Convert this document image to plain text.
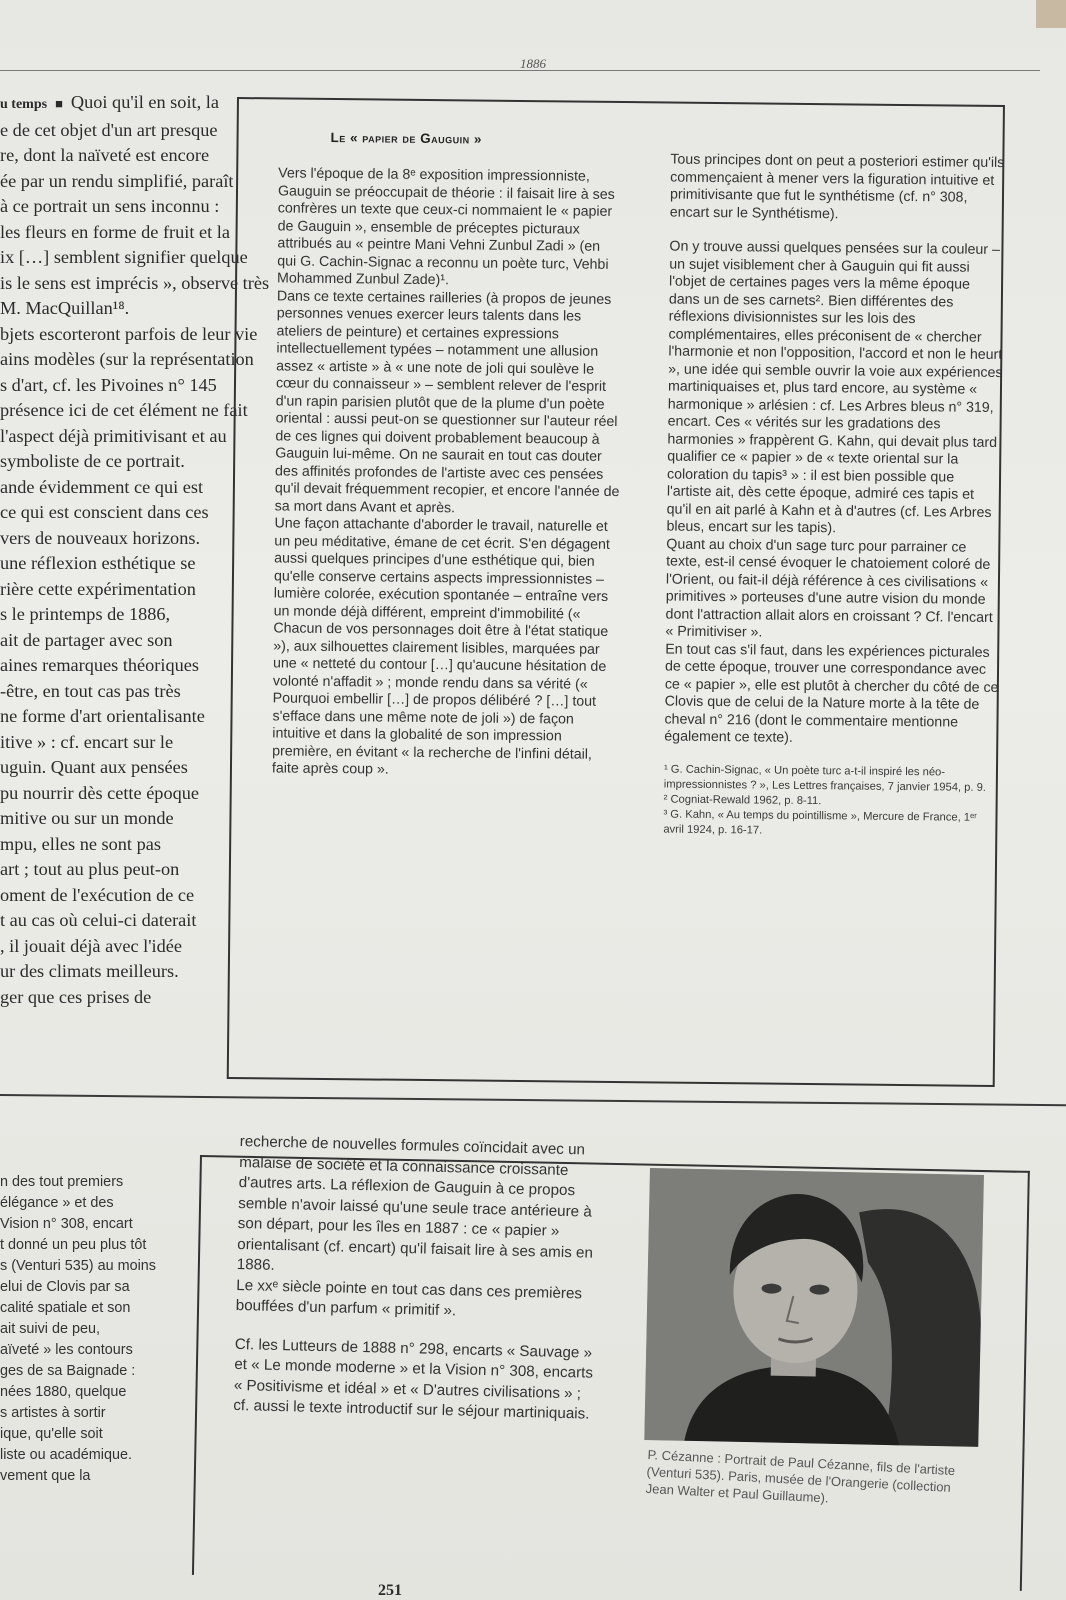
1886
u temps ■ Quoi qu'il en soit, la
e de cet objet d'un art presque
re, dont la naïveté est encore
ée par un rendu simplifié, paraît
à ce portrait un sens inconnu :
les fleurs en forme de fruit et la
ix […] semblent signifier quelque
is le sens est imprécis », observe très
M. MacQuillan¹⁸.
bjets escorteront parfois de leur vie
ains modèles (sur la représentation
s d'art, cf. les Pivoines n° 145
présence ici de cet élément ne fait
l'aspect déjà primitivisant et au
symboliste de ce portrait.
ande évidemment ce qui est
ce qui est conscient dans ces
vers de nouveaux horizons.
une réflexion esthétique se
rière cette expérimentation
s le printemps de 1886,
ait de partager avec son
aines remarques théoriques
-être, en tout cas pas très
ne forme d'art orientalisante
itive » : cf. encart sur le
uguin. Quant aux pensées
pu nourrir dès cette époque
mitive ou sur un monde
mpu, elles ne sont pas
art ; tout au plus peut-on
oment de l'exécution de ce
t au cas où celui-ci daterait
, il jouait déjà avec l'idée
ur des climats meilleurs.
ger que ces prises de
Le « papier de Gauguin »

Vers l'époque de la 8ᵉ exposition impressionniste, Gauguin se préoccupait de théorie : il faisait lire à ses confrères un texte que ceux-ci nommaient le « papier de Gauguin », ensemble de préceptes picturaux attribués au « peintre Mani Vehni Zunbul Zadi » (en qui G. Cachin-Signac a reconnu un poète turc, Vehbi Mohammed Zunbul Zade)¹.

Dans ce texte certaines railleries (à propos de jeunes personnes venues exercer leurs talents dans les ateliers de peinture) et certaines expressions intellectuellement typées – notamment une allusion assez « artiste » à « une note de joli qui soulève le cœur du connaisseur » – semblent relever de l'esprit d'un rapin parisien plutôt que de la plume d'un poète oriental : aussi peut-on se questionner sur l'auteur réel de ces lignes qui doivent probablement beaucoup à Gauguin lui-même. On ne saurait en tout cas douter des affinités profondes de l'artiste avec ces pensées qu'il devait fréquemment recopier, et encore l'année de sa mort dans Avant et après.

Une façon attachante d'aborder le travail, naturelle et un peu méditative, émane de cet écrit. S'en dégagent aussi quelques principes d'une esthétique qui, bien qu'elle conserve certains aspects impressionnistes – lumière colorée, exécution spontanée – entraîne vers un monde déjà différent, empreint d'immobilité (« Chacun de vos personnages doit être à l'état statique »), aux silhouettes clairement lisibles, marquées par une « netteté du contour […] qu'aucune hésitation de volonté n'affadit » ; monde rendu dans sa vérité (« Pourquoi embellir […] de propos délibéré ? […] tout s'efface dans une même note de joli ») de façon intuitive et dans la globalité de son impression première, en évitant « la recherche de l'infini détail, faite après coup ».

Tous principes dont on peut a posteriori estimer qu'ils commençaient à mener vers la figuration intuitive et primitivisante que fut le synthétisme (cf. n° 308, encart sur le Synthétisme).

On y trouve aussi quelques pensées sur la couleur – un sujet visiblement cher à Gauguin qui fit aussi l'objet de certaines pages vers la même époque dans un de ses carnets². Bien différentes des réflexions divisionnistes sur les lois des complémentaires, elles préconisent de « chercher l'harmonie et non l'opposition, l'accord et non le heurt », une idée qui semble ouvrir la voie aux expériences martiniquaises et, plus tard encore, au système « harmonique » arlésien : cf. Les Arbres bleus n° 319, encart. Ces « vérités sur les gradations des harmonies » frappèrent G. Kahn, qui devait plus tard qualifier ce « papier » de « texte oriental sur la coloration du tapis³ » : il est bien possible que l'artiste ait, dès cette époque, admiré ces tapis et qu'il en ait parlé à Kahn et à d'autres (cf. Les Arbres bleus, encart sur les tapis).

Quant au choix d'un sage turc pour parrainer ce texte, est-il censé évoquer le chatoiement coloré de l'Orient, ou fait-il déjà référence à ces civilisations « primitives » porteuses d'une autre vision du monde dont l'attraction allait alors en croissant ? Cf. l'encart « Primitiviser ».

En tout cas s'il faut, dans les expériences picturales de cette époque, trouver une correspondance avec ce « papier », elle est plutôt à chercher du côté de ce Clovis que de celui de la Nature morte à la tête de cheval n° 216 (dont le commentaire mentionne également ce texte).

¹ G. Cachin-Signac, « Un poète turc a-t-il inspiré les néo-impressionnistes ? », Les Lettres françaises, 7 janvier 1954, p. 9.
² Cogniat-Rewald 1962, p. 8-11.
³ G. Kahn, « Au temps du pointillisme », Mercure de France, 1ᵉʳ avril 1924, p. 16-17.
n des tout premiers
élégance » et des
Vision n° 308, encart
t donné un peu plus tôt
s (Venturi 535) au moins
elui de Clovis par sa
calité spatiale et son
ait suivi de peu,
aïveté » les contours
ges de sa Baignade :
nées 1880, quelque
s artistes à sortir
ique, qu'elle soit
liste ou académique.
vement que la

recherche de nouvelles formules coïncidait avec un malaise de société et la connaissance croissante d'autres arts. La réflexion de Gauguin à ce propos semble n'avoir laissé qu'une seule trace antérieure à son départ, pour les îles en 1887 : ce « papier » orientalisant (cf. encart) qu'il faisait lire à ses amis en 1886.

Le xxᵉ siècle pointe en tout cas dans ces premières bouffées d'un parfum « primitif ».

Cf. les Lutteurs de 1888 n° 298, encarts « Sauvage » et « Le monde moderne » et la Vision n° 308, encarts « Positivisme et idéal » et « D'autres civilisations » ; cf. aussi le texte introductif sur le séjour martiniquais.

P. Cézanne : Portrait de Paul Cézanne, fils de l'artiste (Venturi 535). Paris, musée de l'Orangerie (collection Jean Walter et Paul Guillaume).
251
